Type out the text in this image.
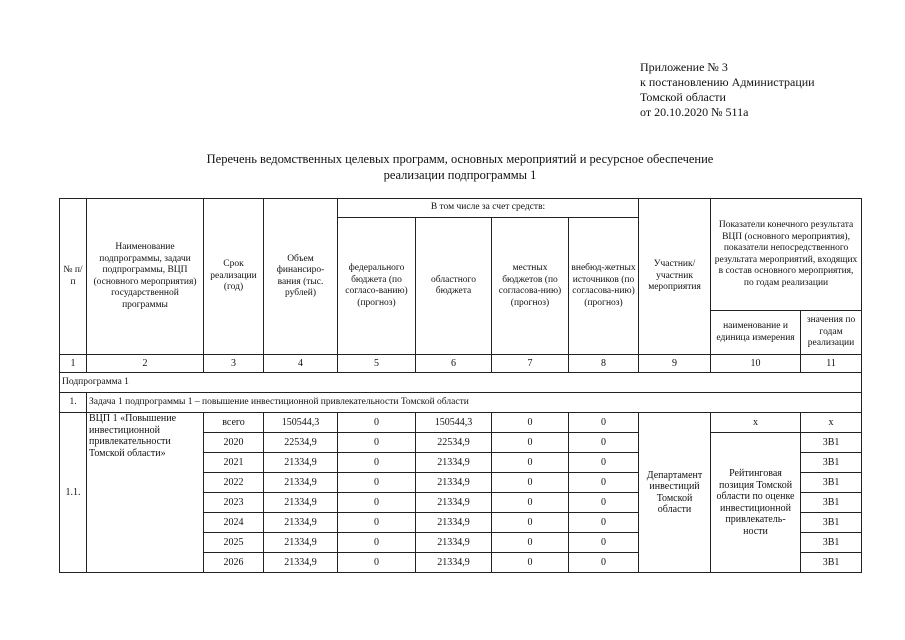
Приложение № 3
к постановлению Администрации
Томской области
от 20.10.2020 № 511а
Перечень ведомственных целевых программ, основных мероприятий и ресурсное обеспечение
реализации подпрограммы 1
№ п/п	Наименование подпрограммы, задачи подпрограммы, ВЦП (основного мероприятия) государственной программы	Срок реализации (год)	Объем финансиро-вания (тыс. рублей)	В том числе за счет средств:				Участник/ участник мероприятия	Показатели конечного результата ВЦП (основного мероприятия), показатели непосредственного результата мероприятий, входящих в состав основного мероприятия, по годам реализации	
				федерального бюджета (по согласо-ванию) (прогноз)	областного бюджета	местных бюджетов (по согласова-нию) (прогноз)	внебюд-жетных источников (по согласова-нию) (прогноз)			
									наименование и единица измерения	значения по годам реализации
1	2	3	4	5	6	7	8	9	10	11
Подпрограмма 1										
1.	Задача 1 подпрограммы 1 – повышение инвестиционной привлекательности Томской области									
1.1.	ВЦП 1 «Повышение инвестиционной привлекательности Томской области»	всего	150544,3	0	150544,3	0	0	Департамент инвестиций Томской области	х	х
		2020	22534,9	0	22534,9	0	0		Рейтинговая позиция Томской области по оценке инвестиционной привлекатель-ности	3В1
		2021	21334,9	0	21334,9	0	0			3В1
		2022	21334,9	0	21334,9	0	0			3В1
		2023	21334,9	0	21334,9	0	0			3В1
		2024	21334,9	0	21334,9	0	0			3В1
		2025	21334,9	0	21334,9	0	0			3В1
		2026	21334,9	0	21334,9	0	0			3В1
